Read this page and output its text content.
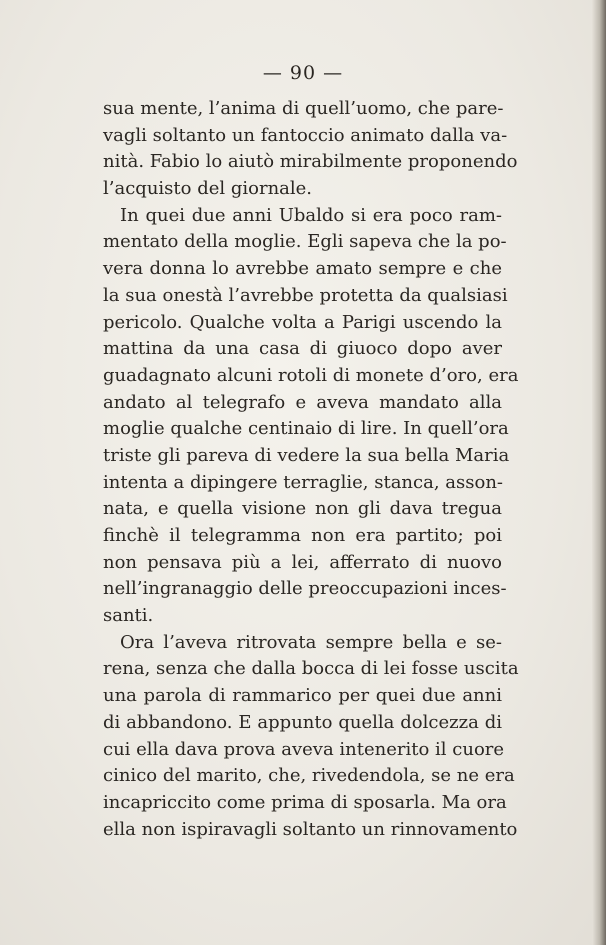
— 90 —
sua mente, l’anima di quell’uomo, che pare-
vagli soltanto un fantoccio animato dalla va-
nità. Fabio lo aiutò mirabilmente proponendo
l’acquisto del giornale.
In quei due anni Ubaldo si era poco ram-
mentato della moglie. Egli sapeva che la po-
vera donna lo avrebbe amato sempre e che
la sua onestà l’avrebbe protetta da qualsiasi
pericolo. Qualche volta a Parigi uscendo la
mattina da una casa di giuoco dopo aver
guadagnato alcuni rotoli di monete d’oro, era
andato al telegrafo e aveva mandato alla
moglie qualche centinaio di lire. In quell’ora
triste gli pareva di vedere la sua bella Maria
intenta a dipingere terraglie, stanca, asson-
nata, e quella visione non gli dava tregua
finchè il telegramma non era partito; poi
non pensava più a lei, afferrato di nuovo
nell’ingranaggio delle preoccupazioni inces-
santi.
Ora l’aveva ritrovata sempre bella e se-
rena, senza che dalla bocca di lei fosse uscita
una parola di rammarico per quei due anni
di abbandono. E appunto quella dolcezza di
cui ella dava prova aveva intenerito il cuore
cinico del marito, che, rivedendola, se ne era
incapriccito come prima di sposarla. Ma ora
ella non ispiravagli soltanto un rinnovamento
